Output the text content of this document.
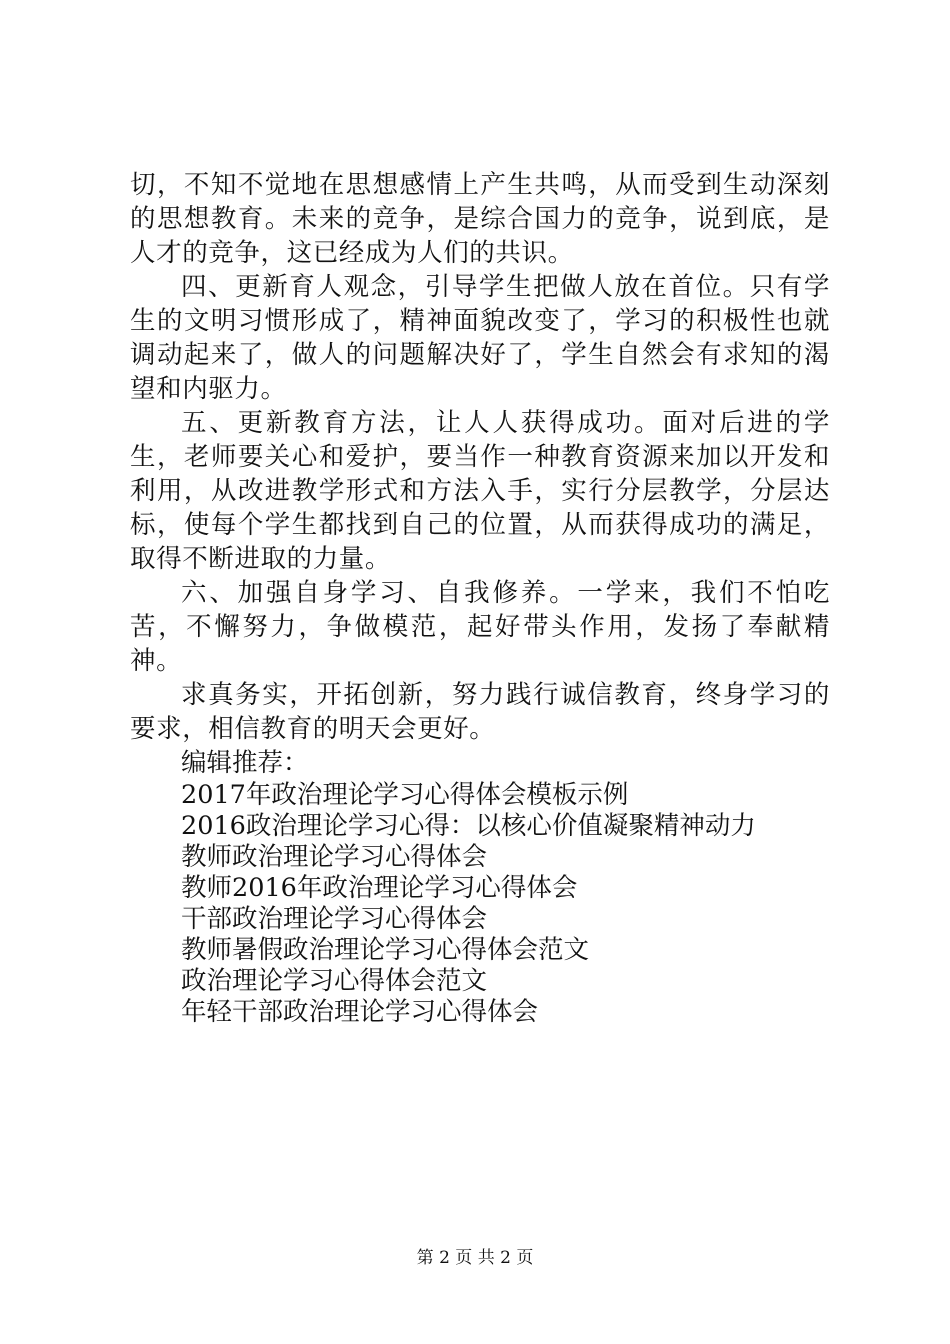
切，不知不觉地在思想感情上产生共鸣，从而受到生动深刻的思想教育。未来的竞争，是综合国力的竞争，说到底，是人才的竞争，这已经成为人们的共识。

四、更新育人观念，引导学生把做人放在首位。只有学生的文明习惯形成了，精神面貌改变了，学习的积极性也就调动起来了，做人的问题解决好了，学生自然会有求知的渴望和内驱力。

五、更新教育方法，让人人获得成功。面对后进的学生，老师要关心和爱护，要当作一种教育资源来加以开发和利用，从改进教学形式和方法入手，实行分层教学，分层达标，使每个学生都找到自己的位置，从而获得成功的满足，取得不断进取的力量。

六、加强自身学习、自我修养。一学来，我们不怕吃苦，不懈努力，争做模范，起好带头作用，发扬了奉献精神。

求真务实，开拓创新，努力践行诚信教育，终身学习的要求，相信教育的明天会更好。

编辑推荐：
2017年政治理论学习心得体会模板示例
2016政治理论学习心得：以核心价值凝聚精神动力
教师政治理论学习心得体会
教师2016年政治理论学习心得体会
干部政治理论学习心得体会
教师暑假政治理论学习心得体会范文
政治理论学习心得体会范文
年轻干部政治理论学习心得体会
第 2 页 共 2 页
